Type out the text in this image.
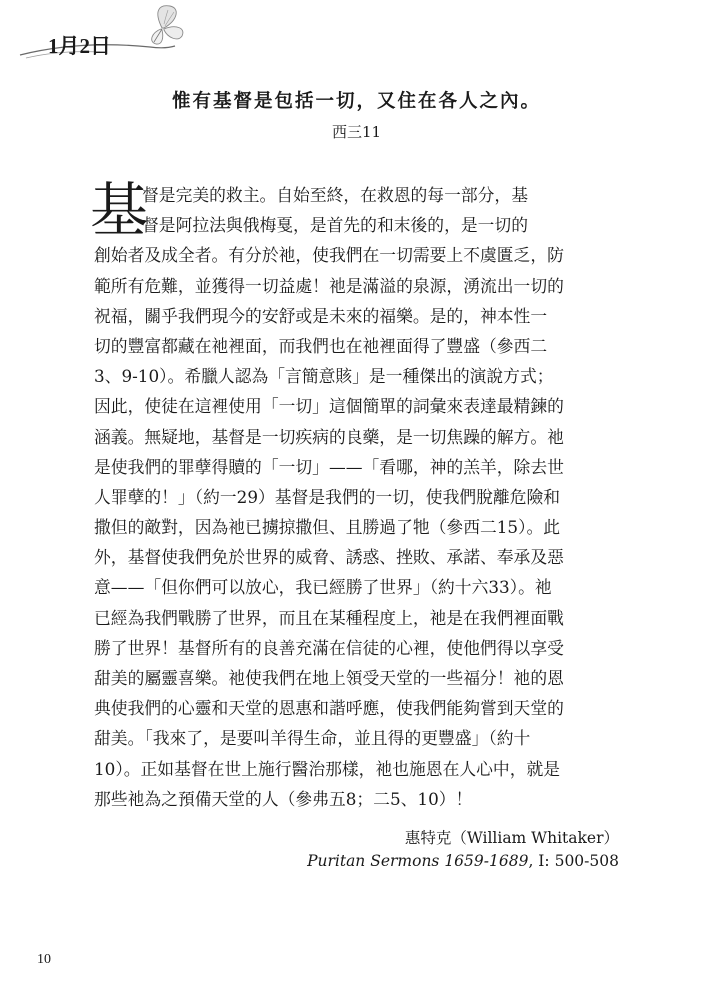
1月2日
惟有基督是包括一切，又住在各人之內。
西三11
基
督是完美的救主。自始至終，在救恩的每一部分，基
督是阿拉法與俄梅戛，是首先的和末後的，是一切的
創始者及成全者。有分於祂，使我們在一切需要上不虞匱乏，防
範所有危難，並獲得一切益處！祂是滿溢的泉源，湧流出一切的
祝福，關乎我們現今的安舒或是未來的福樂。是的，神本性一
切的豐富都藏在祂裡面，而我們也在祂裡面得了豐盛（參西二
3、9-10）。希臘人認為「言簡意賅」是一種傑出的演說方式；
因此，使徒在這裡使用「一切」這個簡單的詞彙來表達最精鍊的
涵義。無疑地，基督是一切疾病的良藥，是一切焦躁的解方。祂
是使我們的罪孽得贖的「一切」——「看哪，神的羔羊，除去世
人罪孽的！」（約一29）基督是我們的一切，使我們脫離危險和
撒但的敵對，因為祂已擄掠撒但、且勝過了牠（參西二15）。此
外，基督使我們免於世界的威脅、誘惑、挫敗、承諾、奉承及惡
意——「但你們可以放心，我已經勝了世界」（約十六33）。祂
已經為我們戰勝了世界，而且在某種程度上，祂是在我們裡面戰
勝了世界！基督所有的良善充滿在信徒的心裡，使他們得以享受
甜美的屬靈喜樂。祂使我們在地上領受天堂的一些福分！祂的恩
典使我們的心靈和天堂的恩惠和諧呼應，使我們能夠嘗到天堂的
甜美。「我來了，是要叫羊得生命，並且得的更豐盛」（約十
10）。正如基督在世上施行醫治那樣，祂也施恩在人心中，就是
那些祂為之預備天堂的人（參弗五8；二5、10）！
惠特克（William Whitaker）
Puritan Sermons 1659-1689, I: 500-508
10
